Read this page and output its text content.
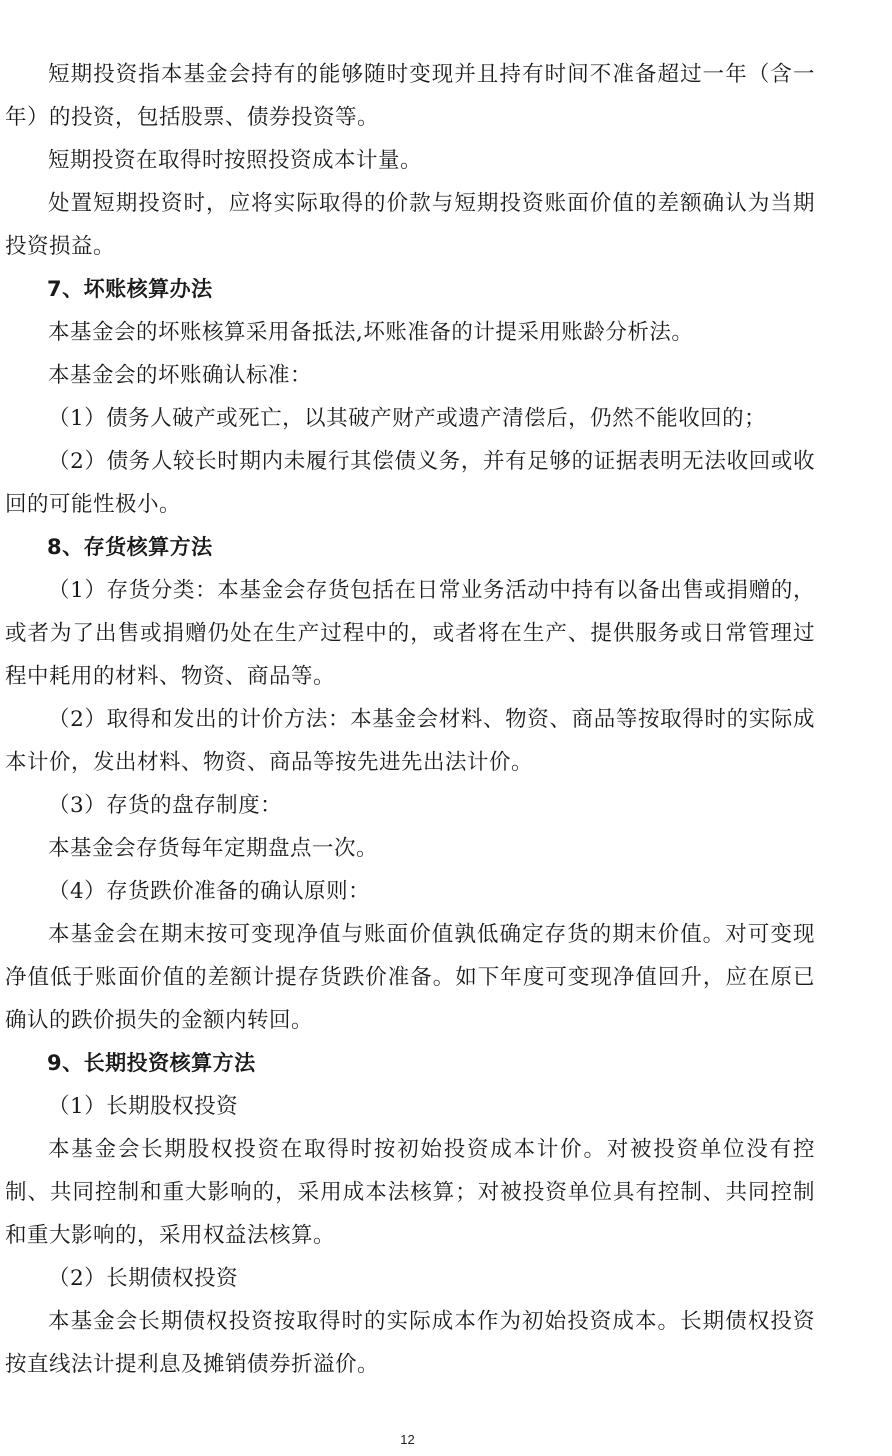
短期投资指本基金会持有的能够随时变现并且持有时间不准备超过一年（含一年）的投资，包括股票、债券投资等。

短期投资在取得时按照投资成本计量。

处置短期投资时，应将实际取得的价款与短期投资账面价值的差额确认为当期投资损益。

7、坏账核算办法

本基金会的坏账核算采用备抵法,坏账准备的计提采用账龄分析法。

本基金会的坏账确认标准：

（1）债务人破产或死亡，以其破产财产或遗产清偿后，仍然不能收回的；

（2）债务人较长时期内未履行其偿债义务，并有足够的证据表明无法收回或收回的可能性极小。

8、存货核算方法

（1）存货分类：本基金会存货包括在日常业务活动中持有以备出售或捐赠的，或者为了出售或捐赠仍处在生产过程中的，或者将在生产、提供服务或日常管理过程中耗用的材料、物资、商品等。

（2）取得和发出的计价方法：本基金会材料、物资、商品等按取得时的实际成本计价，发出材料、物资、商品等按先进先出法计价。

（3）存货的盘存制度：

本基金会存货每年定期盘点一次。

（4）存货跌价准备的确认原则：

本基金会在期末按可变现净值与账面价值孰低确定存货的期末价值。对可变现净值低于账面价值的差额计提存货跌价准备。如下年度可变现净值回升，应在原已确认的跌价损失的金额内转回。

9、长期投资核算方法

（1）长期股权投资

本基金会长期股权投资在取得时按初始投资成本计价。对被投资单位没有控制、共同控制和重大影响的，采用成本法核算；对被投资单位具有控制、共同控制和重大影响的，采用权益法核算。

（2）长期债权投资

本基金会长期债权投资按取得时的实际成本作为初始投资成本。长期债权投资按直线法计提利息及摊销债券折溢价。

12
